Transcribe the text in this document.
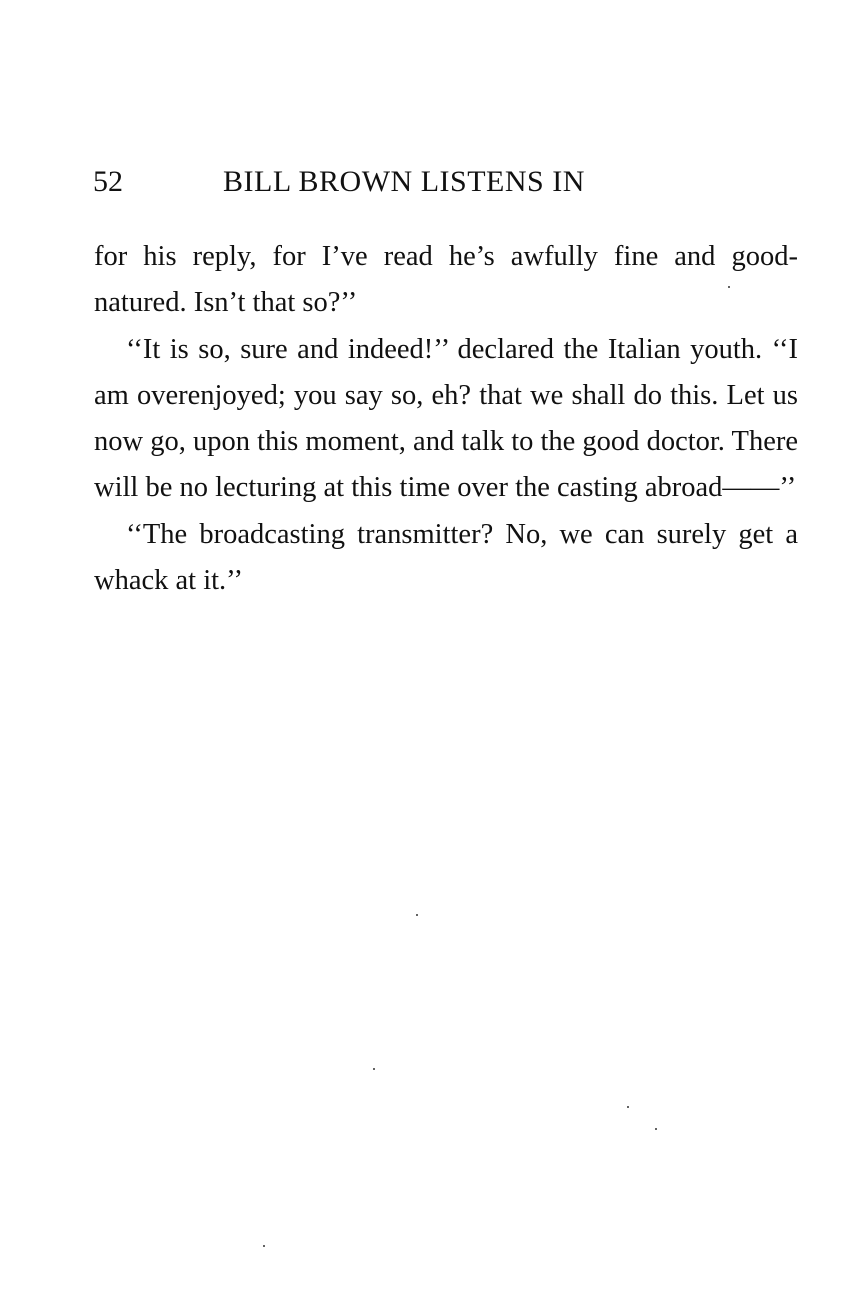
52	BILL BROWN LISTENS IN

for his reply, for I’ve read he’s awfully fine and good-natured. Isn’t that so?’’

‘‘It is so, sure and indeed!’’ declared the Italian youth. ‘‘I am overenjoyed; you say so, eh? that we shall do this. Let us now go, upon this moment, and talk to the good doctor. There will be no lecturing at this time over the casting abroad——’’

‘‘The broadcasting transmitter? No, we can surely get a whack at it.’’
